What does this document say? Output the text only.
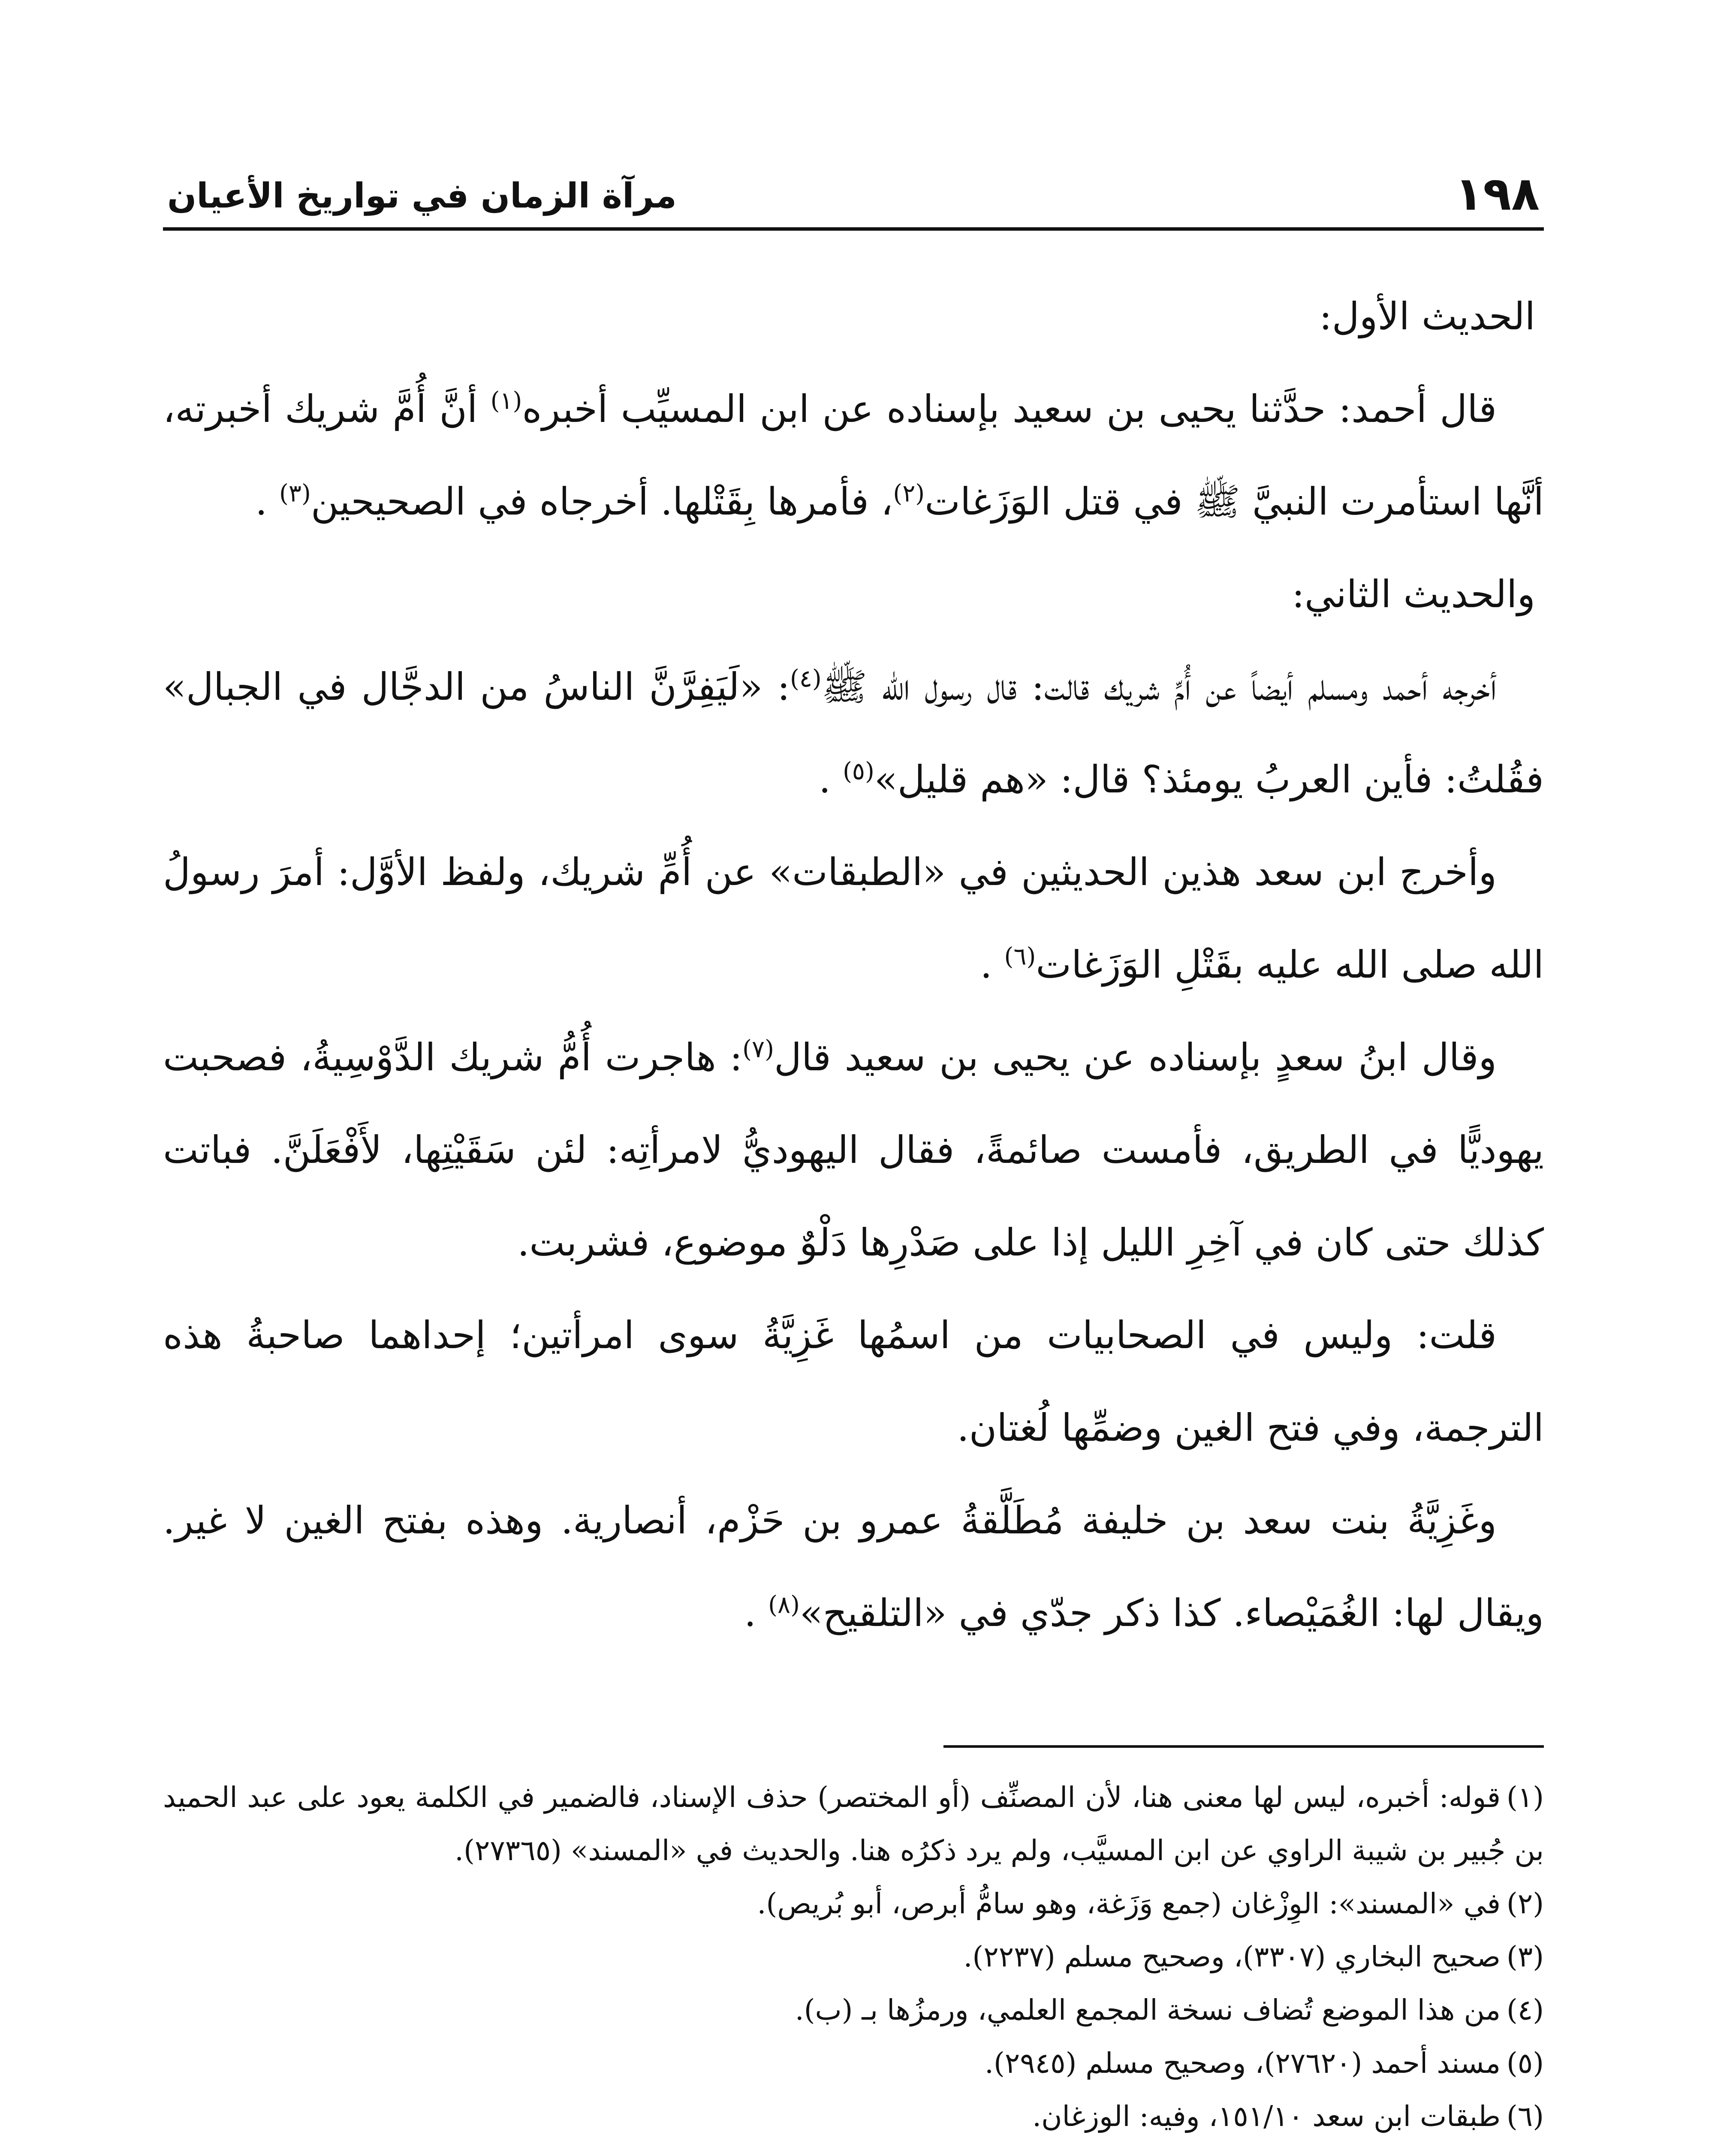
١٩٨
مرآة الزمان في تواريخ الأعيان

الحديث الأول:

قال أحمد: حدَّثنا يحيى بن سعيد بإسناده عن ابن المسيِّب أخبره$^{(١)}$ أنَّ أُمَّ شريك أخبرته، أنَّها استأمرت النبيَّ ﷺ في قتل الوَزَغات$^{(٢)}$، فأمرها بِقَتْلها. أخرجاه في الصحيحين$^{(٣)}$ .

والحديث الثاني:

أخرجه أحمد ومسلم أيضاً عن أُمِّ شريك قالت: قال رسول الله ﷺ$^{(٤)}$: «لَيَفِرَّنَّ الناسُ من الدجَّال في الجبال» فقُلتُ: فأين العربُ يومئذ؟ قال: «هم قليل»$^{(٥)}$ .

وأخرج ابن سعد هذين الحديثين في «الطبقات» عن أُمِّ شريك، ولفظ الأوَّل: أمرَ رسولُ الله صلى الله عليه بقَتْلِ الوَزَغات$^{(٦)}$ .

وقال ابنُ سعدٍ بإسناده عن يحيى بن سعيد قال$^{(٧)}$: هاجرت أُمُّ شريك الدَّوْسِيةُ، فصحبت يهوديًّا في الطريق، فأمست صائمةً، فقال اليهوديُّ لامرأتِه: لئن سَقَيْتِها، لأَفْعَلَنَّ. فباتت كذلك حتى كان في آخِرِ الليل إذا على صَدْرِها دَلْوٌ موضوع، فشربت.

قلت: وليس في الصحابيات من اسمُها غَزِيَّةُ سوى امرأتين؛ إحداهما صاحبةُ هذه الترجمة، وفي فتح الغين وضمِّها لُغتان.

وغَزِيَّةُ بنت سعد بن خليفة مُطَلَّقةُ عمرو بن حَزْم، أنصارية. وهذه بفتح الغين لا غير. ويقال لها: الغُمَيْصاء. كذا ذكر جدّي في «التلقيح»$^{(٨)}$ .

(١)قوله: أخبره، ليس لها معنى هنا، لأن المصنِّف (أو المختصر) حذف الإسناد، فالضمير في الكلمة يعود على عبد الحميد بن جُبير بن شيبة الراوي عن ابن المسيَّب، ولم يرد ذكرُه هنا. والحديث في «المسند» (٢٧٣٦٥).

(٢)في «المسند»: الوِزْغان (جمع وَزَغة، وهو سامُّ أبرص، أبو بُريص).

(٣)صحيح البخاري (٣٣٠٧)، وصحيح مسلم (٢٢٣٧).

(٤)من هذا الموضع تُضاف نسخة المجمع العلمي، ورمزُها بـ (ب).

(٥)مسند أحمد (٢٧٦٢٠)، وصحيح مسلم (٢٩٤٥).

(٦)طبقات ابن سعد ١٥١/١٠، وفيه: الوزغان.
